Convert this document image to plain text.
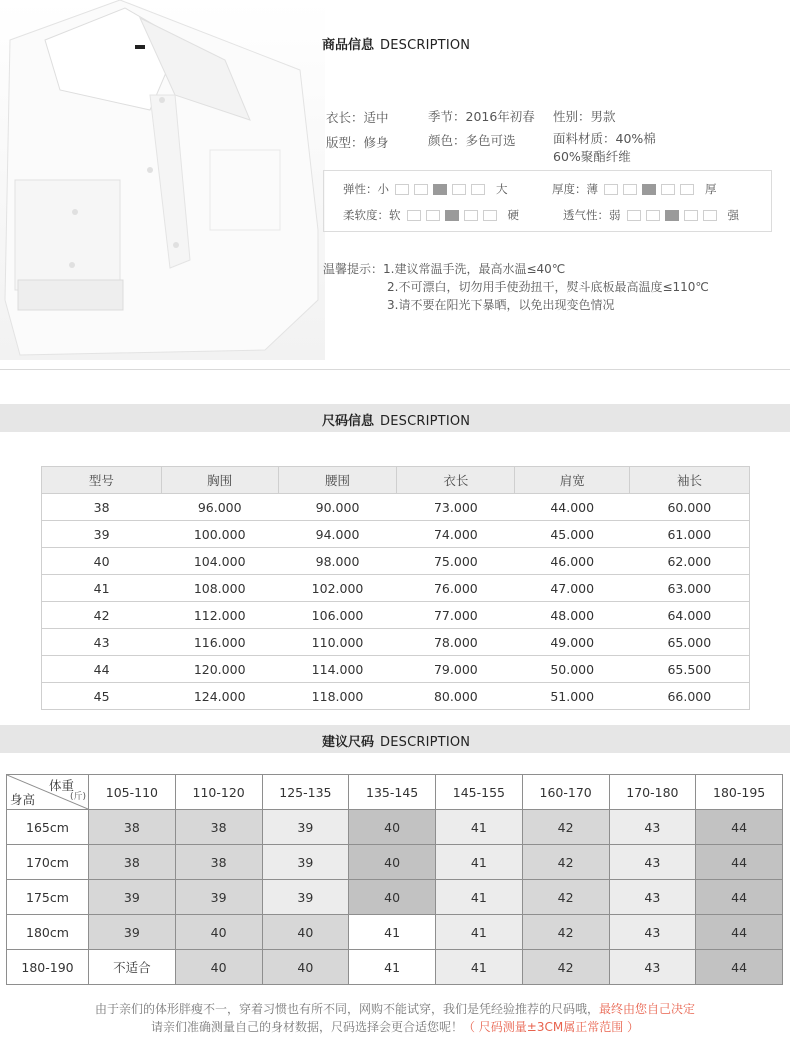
商品信息 DESCRIPTION
衣长：适中
版型：修身
季节：2016年初春
颜色：多色可选
性别：男款
面料材质：40%棉
60%聚酯纤维
弹性：小	大	厚度：薄	厚
柔软度：软	硬	透气性：弱	强
温馨提示：1.建议常温手洗，最高水温≤40℃
2.不可漂白，切勿用手使劲扭干，熨斗底板最高温度≤110℃
3.请不要在阳光下暴晒，以免出现变色情况
尺码信息 DESCRIPTION
型号	胸围	腰围	衣长	肩宽	袖长
38	96.000	90.000	73.000	44.000	60.000
39	100.000	94.000	74.000	45.000	61.000
40	104.000	98.000	75.000	46.000	62.000
41	108.000	102.000	76.000	47.000	63.000
42	112.000	106.000	77.000	48.000	64.000
43	116.000	110.000	78.000	49.000	65.000
44	120.000	114.000	79.000	50.000	65.500
45	124.000	118.000	80.000	51.000	66.000
建议尺码 DESCRIPTION
体重
(斤)
身高	105-110	110-120	125-135	135-145	145-155	160-170	170-180	180-195
165cm	38	38	39	40	41	42	43	44
170cm	38	38	39	40	41	42	43	44
175cm	39	39	39	40	41	42	43	44
180cm	39	40	40	41	41	42	43	44
180-190	不适合	40	40	41	41	42	43	44
由于亲们的体形胖瘦不一，穿着习惯也有所不同，网购不能试穿，我们是凭经验推荐的尺码哦，最终由您自己决定
请亲们准确测量自己的身材数据，尺码选择会更合适您呢！（ 尺码测量±3CM属正常范围 ）
